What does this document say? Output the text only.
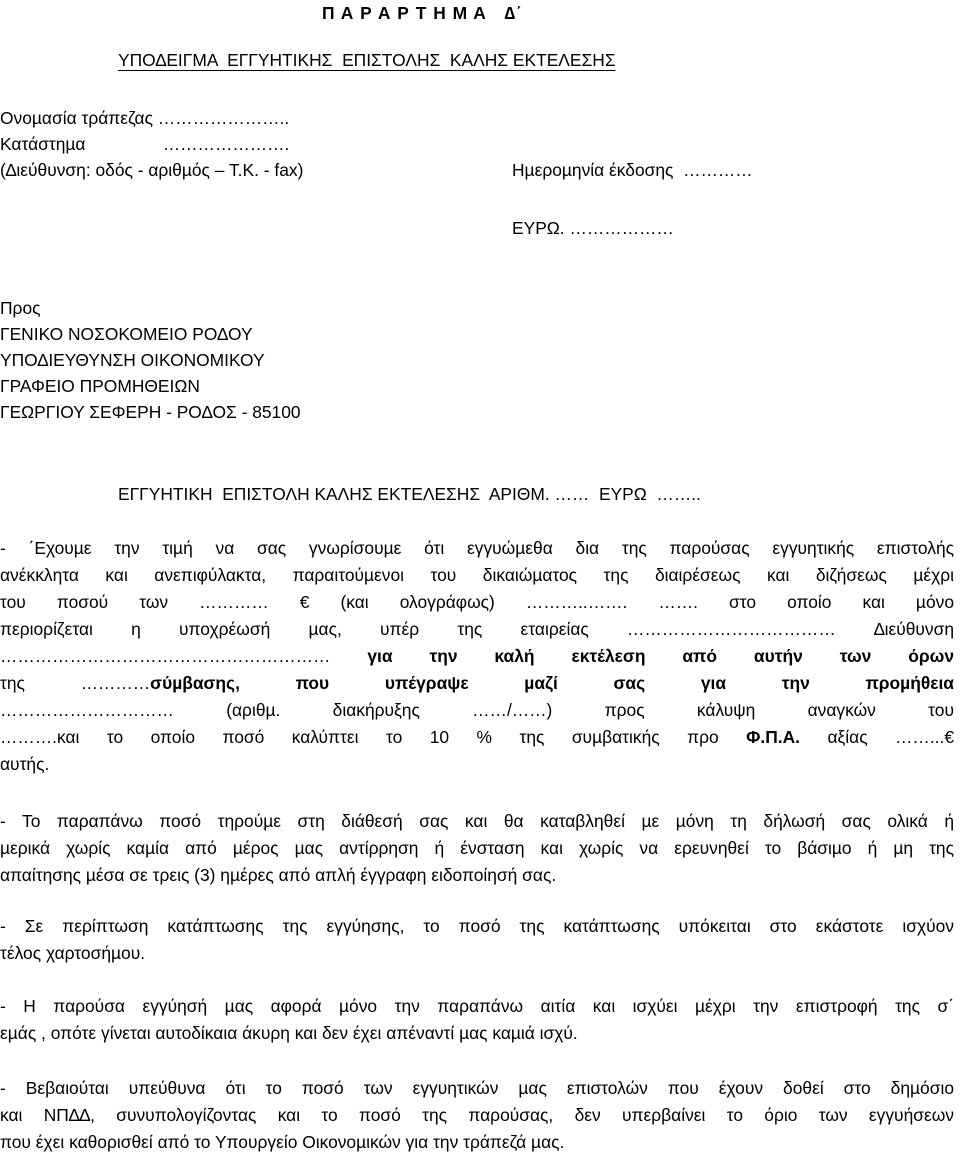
Π Α Ρ Α Ρ Τ Η Μ Α   ∆΄
ΥΠΟ∆ΕΙΓΜΑ  ΕΓΓΥΗΤΙΚΗΣ  ΕΠΙΣΤΟΛΗΣ  ΚΑΛΗΣ ΕΚΤΕΛΕΣΗΣ
Ονοµασία τράπεζας …………………..
Κατάστηµα                ………………….
(∆ιεύθυνση: οδός - αριθµός – Τ.Κ. - fax)	Ηµεροµηνία έκδοσης  …………
ΕΥΡΩ. ………………
Προς
ΓΕΝΙΚΟ ΝΟΣΟΚΟΜΕΙΟ ΡΟ∆ΟΥ
ΥΠΟ∆ΙΕΥΘΥΝΣΗ ΟΙΚΟΝΟΜΙΚΟΥ
ΓΡΑΦΕΙΟ ΠΡΟΜΗΘΕΙΩΝ
ΓΕΩΡΓΙΟΥ ΣΕΦΕΡΗ - ΡΟ∆ΟΣ - 85100
ΕΓΓΥΗΤΙΚΗ  ΕΠΙΣΤΟΛΗ ΚΑΛΗΣ ΕΚΤΕΛΕΣΗΣ  ΑΡΙΘΜ. ……  ΕΥΡΩ  ……..
- ΄Εχουµε την τιµή να σας γνωρίσουµε ότι εγγυώµεθα δια της παρούσας εγγυητικής επιστολής
ανέκκλητα και ανεπιφύλακτα, παραιτούµενοι του δικαιώµατος της διαιρέσεως και διζήσεως µέχρι
του ποσού των ………… € (και ολογράφως) ………..……. ……. στο οποίο και µόνο
περιορίζεται η υποχρέωσή µας, υπέρ της εταιρείας ……………………………… ∆ιεύθυνση
………………………………………………… για την καλή εκτέλεση από αυτήν των όρων
της …………σύµβασης, που υπέγραψε µαζί σας για την προµήθεια
………………………… (αριθµ. διακήρυξης ……/……) προς κάλυψη αναγκών του
……….και το οποίο ποσό καλύπτει το 10 % της συµβατικής προ Φ.Π.Α. αξίας ……...€
αυτής.
- Το παραπάνω ποσό τηρούµε στη διάθεσή σας και θα καταβληθεί µε µόνη τη δήλωσή σας ολικά ή
µερικά χωρίς καµία από µέρος µας αντίρρηση ή ένσταση και χωρίς να ερευνηθεί το βάσιµο ή µη της
απαίτησης µέσα σε τρεις (3) ηµέρες από απλή έγγραφη ειδοποίησή σας.
- Σε περίπτωση κατάπτωσης της εγγύησης, το ποσό της κατάπτωσης υπόκειται στο εκάστοτε ισχύον
τέλος χαρτοσήµου.
- Η παρούσα εγγύησή µας αφορά µόνο την παραπάνω αιτία και ισχύει µέχρι την επιστροφή της σ΄
εµάς , οπότε γίνεται αυτοδίκαια άκυρη και δεν έχει απέναντί µας καµιά ισχύ.
- Βεβαιούται υπεύθυνα ότι το ποσό των εγγυητικών µας επιστολών που έχουν δοθεί στο δηµόσιο
και ΝΠ∆∆, συνυπολογίζοντας και το ποσό της παρούσας, δεν υπερβαίνει το όριο των εγγυήσεων
που έχει καθορισθεί από το Υπουργείο Οικονοµικών για την τράπεζά µας.
